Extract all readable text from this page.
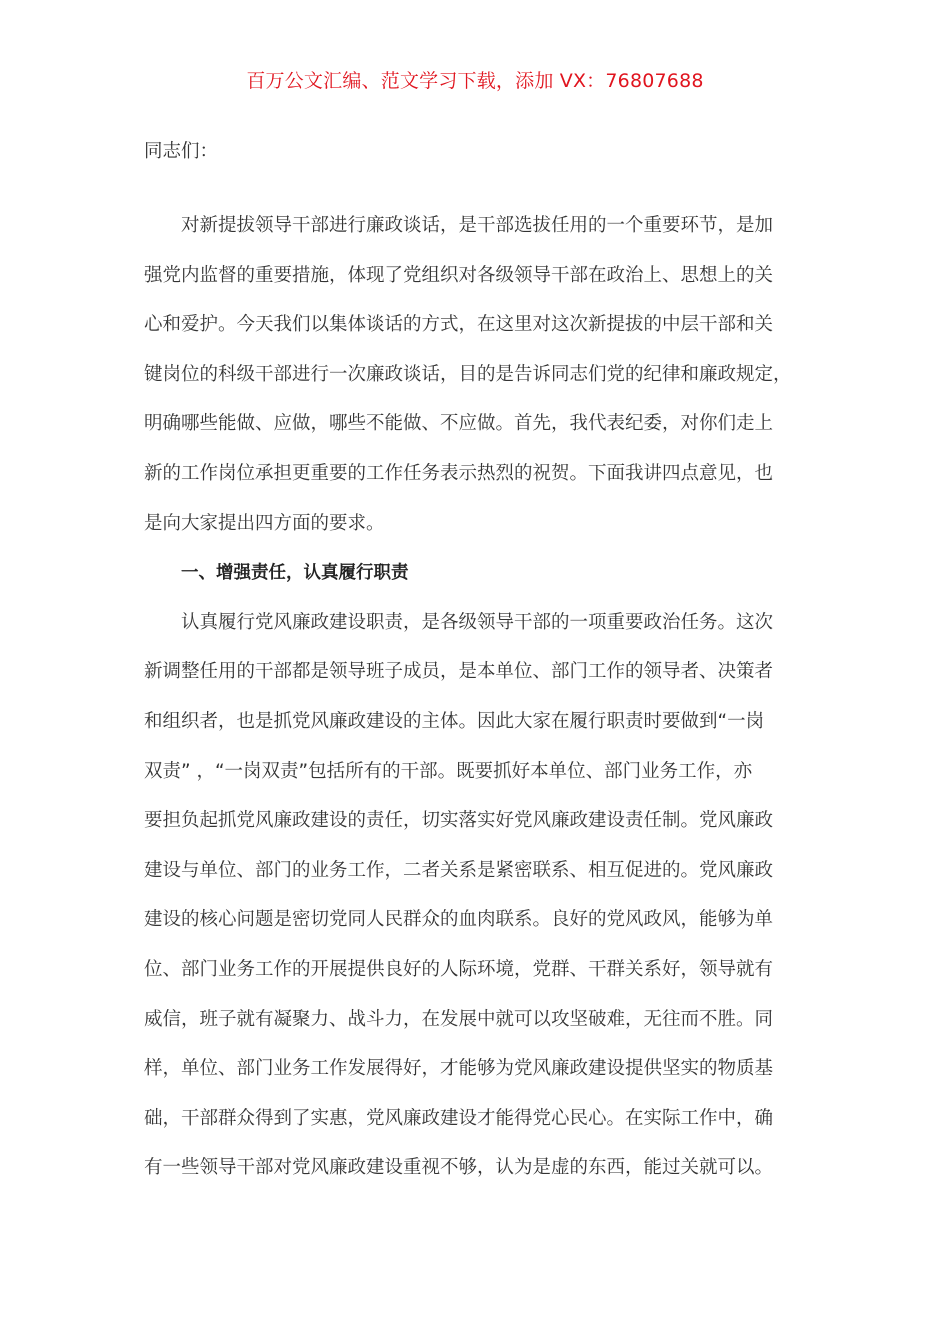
百万公文汇编、范文学习下载，添加 VX：76807688
同志们：
对新提拔领导干部进行廉政谈话，是干部选拔任用的一个重要环节，是加
强党内监督的重要措施，体现了党组织对各级领导干部在政治上、思想上的关
心和爱护。今天我们以集体谈话的方式，在这里对这次新提拔的中层干部和关
键岗位的科级干部进行一次廉政谈话，目的是告诉同志们党的纪律和廉政规定，
明确哪些能做、应做，哪些不能做、不应做。首先，我代表纪委，对你们走上
新的工作岗位承担更重要的工作任务表示热烈的祝贺。下面我讲四点意见，也
是向大家提出四方面的要求。
一、增强责任，认真履行职责
认真履行党风廉政建设职责，是各级领导干部的一项重要政治任务。这次
新调整任用的干部都是领导班子成员，是本单位、部门工作的领导者、决策者
和组织者，也是抓党风廉政建设的主体。因此大家在履行职责时要做到“一岗
双责” ，“一岗双责”包括所有的干部。既要抓好本单位、部门业务工作，亦
要担负起抓党风廉政建设的责任，切实落实好党风廉政建设责任制。党风廉政
建设与单位、部门的业务工作，二者关系是紧密联系、相互促进的。党风廉政
建设的核心问题是密切党同人民群众的血肉联系。良好的党风政风，能够为单
位、部门业务工作的开展提供良好的人际环境，党群、干群关系好，领导就有
威信，班子就有凝聚力、战斗力，在发展中就可以攻坚破难，无往而不胜。同
样，单位、部门业务工作发展得好，才能够为党风廉政建设提供坚实的物质基
础，干部群众得到了实惠，党风廉政建设才能得党心民心。在实际工作中，确
有一些领导干部对党风廉政建设重视不够，认为是虚的东西，能过关就可以。
